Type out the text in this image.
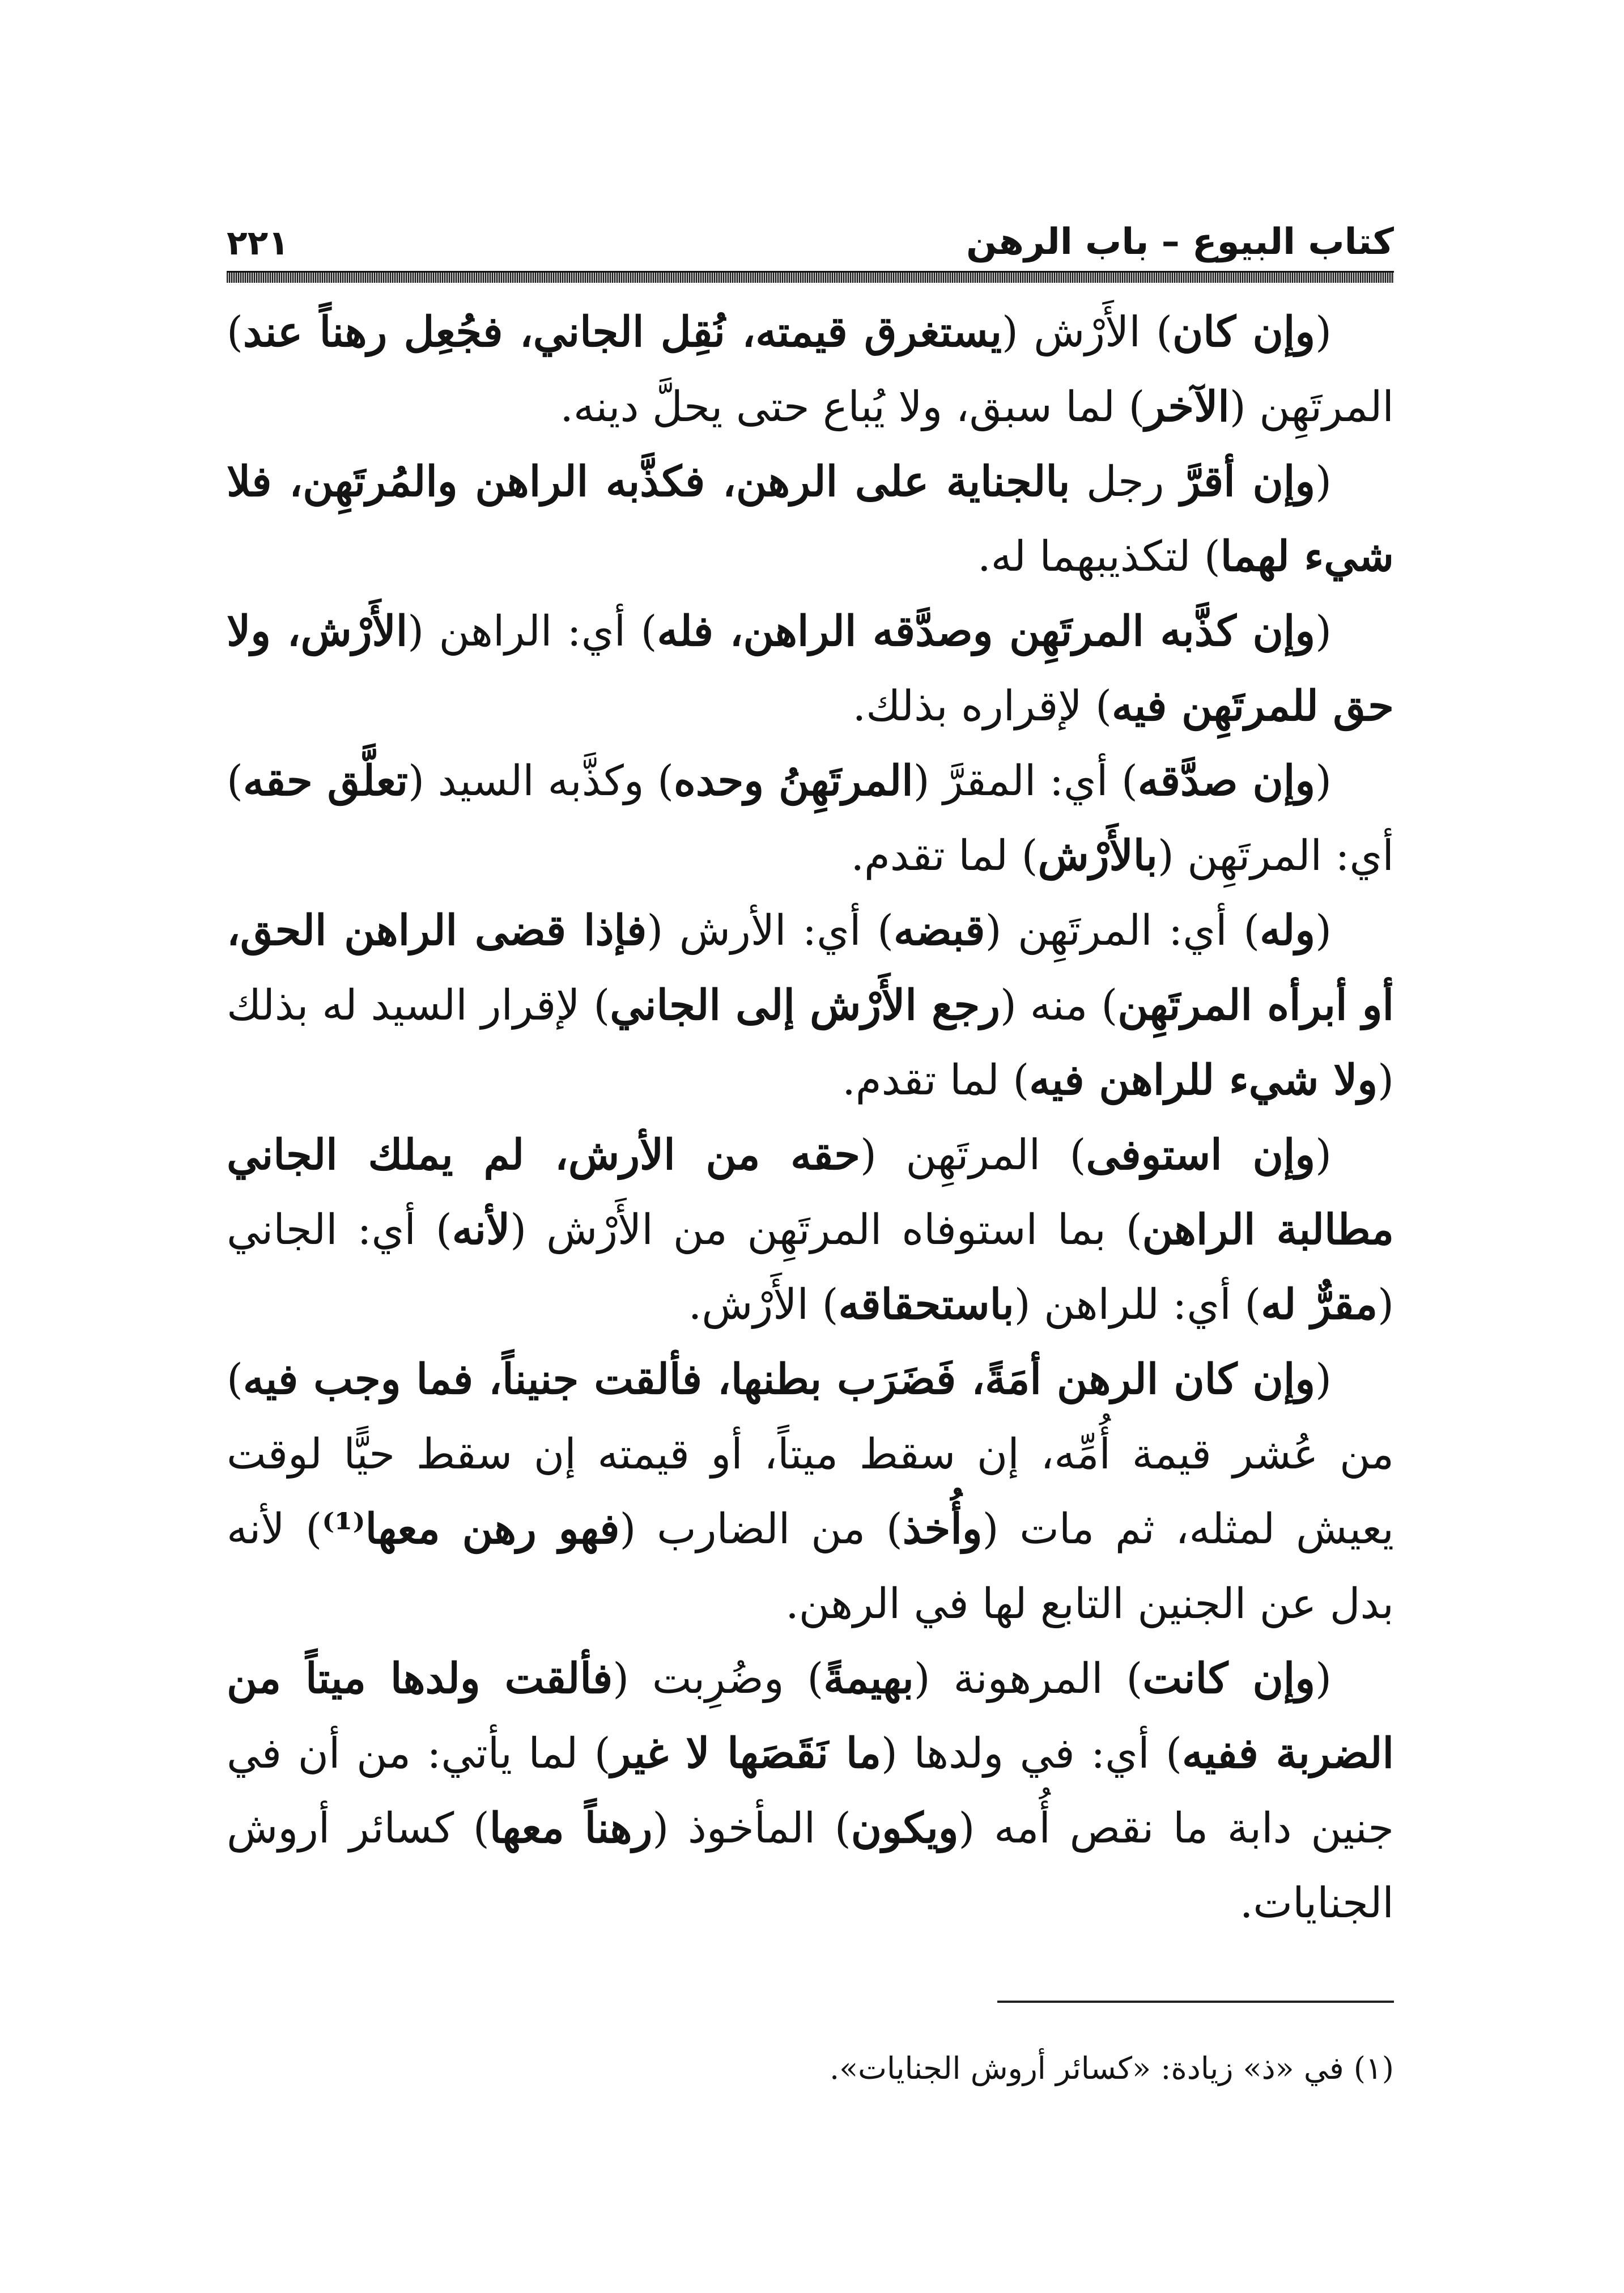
٢٢١	كتاب البيوع – باب الرهن

(وإن كان) الأَرْش (يستغرق قيمته، نُقِل الجاني، فجُعِل رهناً عند) المرتَهِن (الآخر) لما سبق، ولا يُباع حتى يحلَّ دينه.

(وإن أقرَّ رجل بالجناية على الرهن، فكذَّبه الراهن والمُرتَهِن، فلا شيء لهما) لتكذيبهما له.

(وإن كذَّبه المرتَهِن وصدَّقه الراهن، فله) أي: الراهن (الأَرْش، ولا حق للمرتَهِن فيه) لإقراره بذلك.

(وإن صدَّقه) أي: المقرَّ (المرتَهِنُ وحده) وكذَّبه السيد (تعلَّق حقه) أي: المرتَهِن (بالأَرْش) لما تقدم.

(وله) أي: المرتَهِن (قبضه) أي: الأرش (فإذا قضى الراهن الحق، أو أبرأه المرتَهِن) منه (رجع الأَرْش إلى الجاني) لإقرار السيد له بذلك (ولا شيء للراهن فيه) لما تقدم.

(وإن استوفى) المرتَهِن (حقه من الأرش، لم يملك الجاني مطالبة الراهن) بما استوفاه المرتَهِن من الأَرْش (لأنه) أي: الجاني (مقرٌّ له) أي: للراهن (باستحقاقه) الأَرْش.

(وإن كان الرهن أمَةً، فَضَرَب بطنها، فألقت جنيناً، فما وجب فيه) من عُشر قيمة أُمِّه، إن سقط ميتاً، أو قيمته إن سقط حيًّا لوقت يعيش لمثله، ثم مات (وأُخذ) من الضارب (فهو رهن معها⁽¹⁾) لأنه بدل عن الجنين التابع لها في الرهن.

(وإن كانت) المرهونة (بهيمةً) وضُرِبت (فألقت ولدها ميتاً من الضربة ففيه) أي: في ولدها (ما نَقَصَها لا غير) لما يأتي: من أن في جنين دابة ما نقص أُمه (ويكون) المأخوذ (رهناً معها) كسائر أروش الجنايات.

(١) في «ذ» زيادة: «كسائر أروش الجنايات».
